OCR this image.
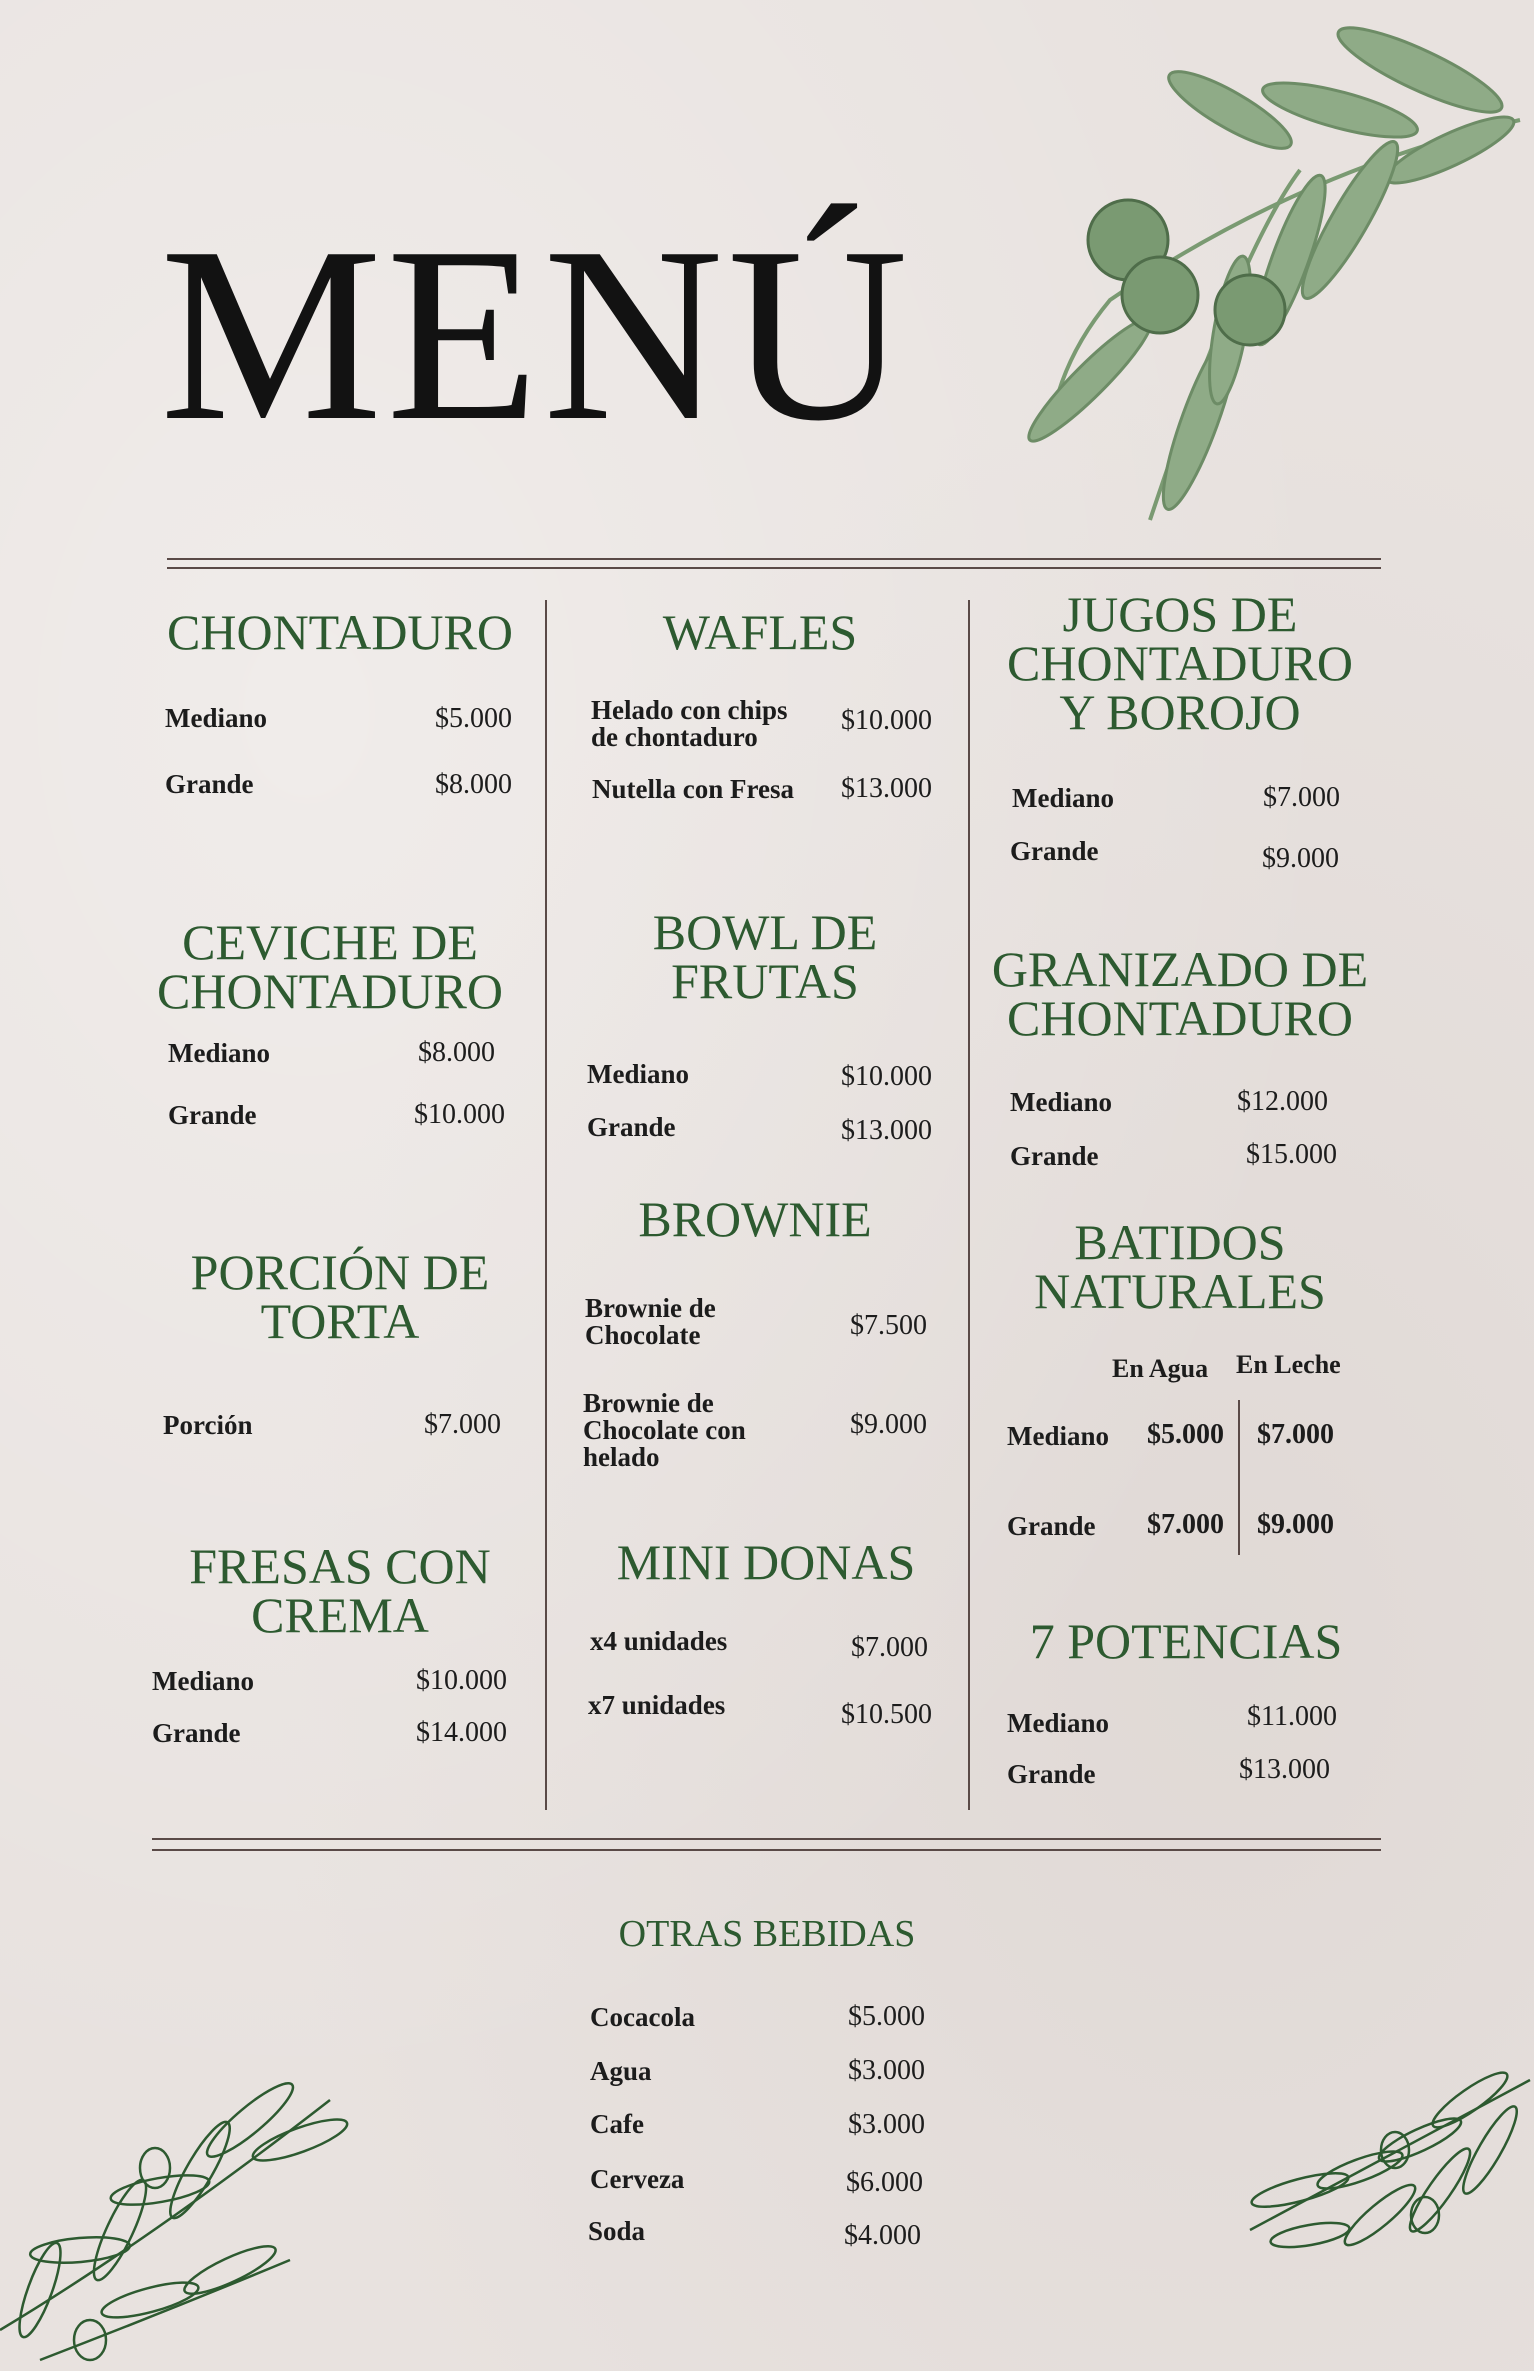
MENÚ
CHONTADURO
Mediano	$5.000
Grande	$8.000
CEVICHE DE
CHONTADURO
Mediano	$8.000
Grande	$10.000
PORCIÓN DE
TORTA
Porción	$7.000
FRESAS CON
CREMA
Mediano	$10.000
Grande	$14.000
WAFLES
Helado con chips
de chontaduro
$10.000
Nutella con Fresa $13.000
BOWL DE
FRUTAS
Mediano	$10.000
Grande	$13.000
BROWNIE
Brownie de
Chocolate	$7.500
Brownie de
Chocolate con
helado
$9.000
MINI DONAS
x4 unidades	$7.000
x7 unidades	$10.500
JUGOS DE
CHONTADURO
Y BOROJO
Mediano	$7.000
Grande	$9.000
GRANIZADO DE
CHONTADURO
Mediano	$12.000
Grande	$15.000
BATIDOS
NATURALES
En Agua En Leche
Mediano $5.000 $7.000
Grande $7.000 $9.000
7 POTENCIAS
Mediano	$11.000
Grande	$13.000
OTRAS BEBIDAS
Cocacola	$5.000
Agua	$3.000
Cafe	$3.000
Cerveza	$6.000
Soda	$4.000
